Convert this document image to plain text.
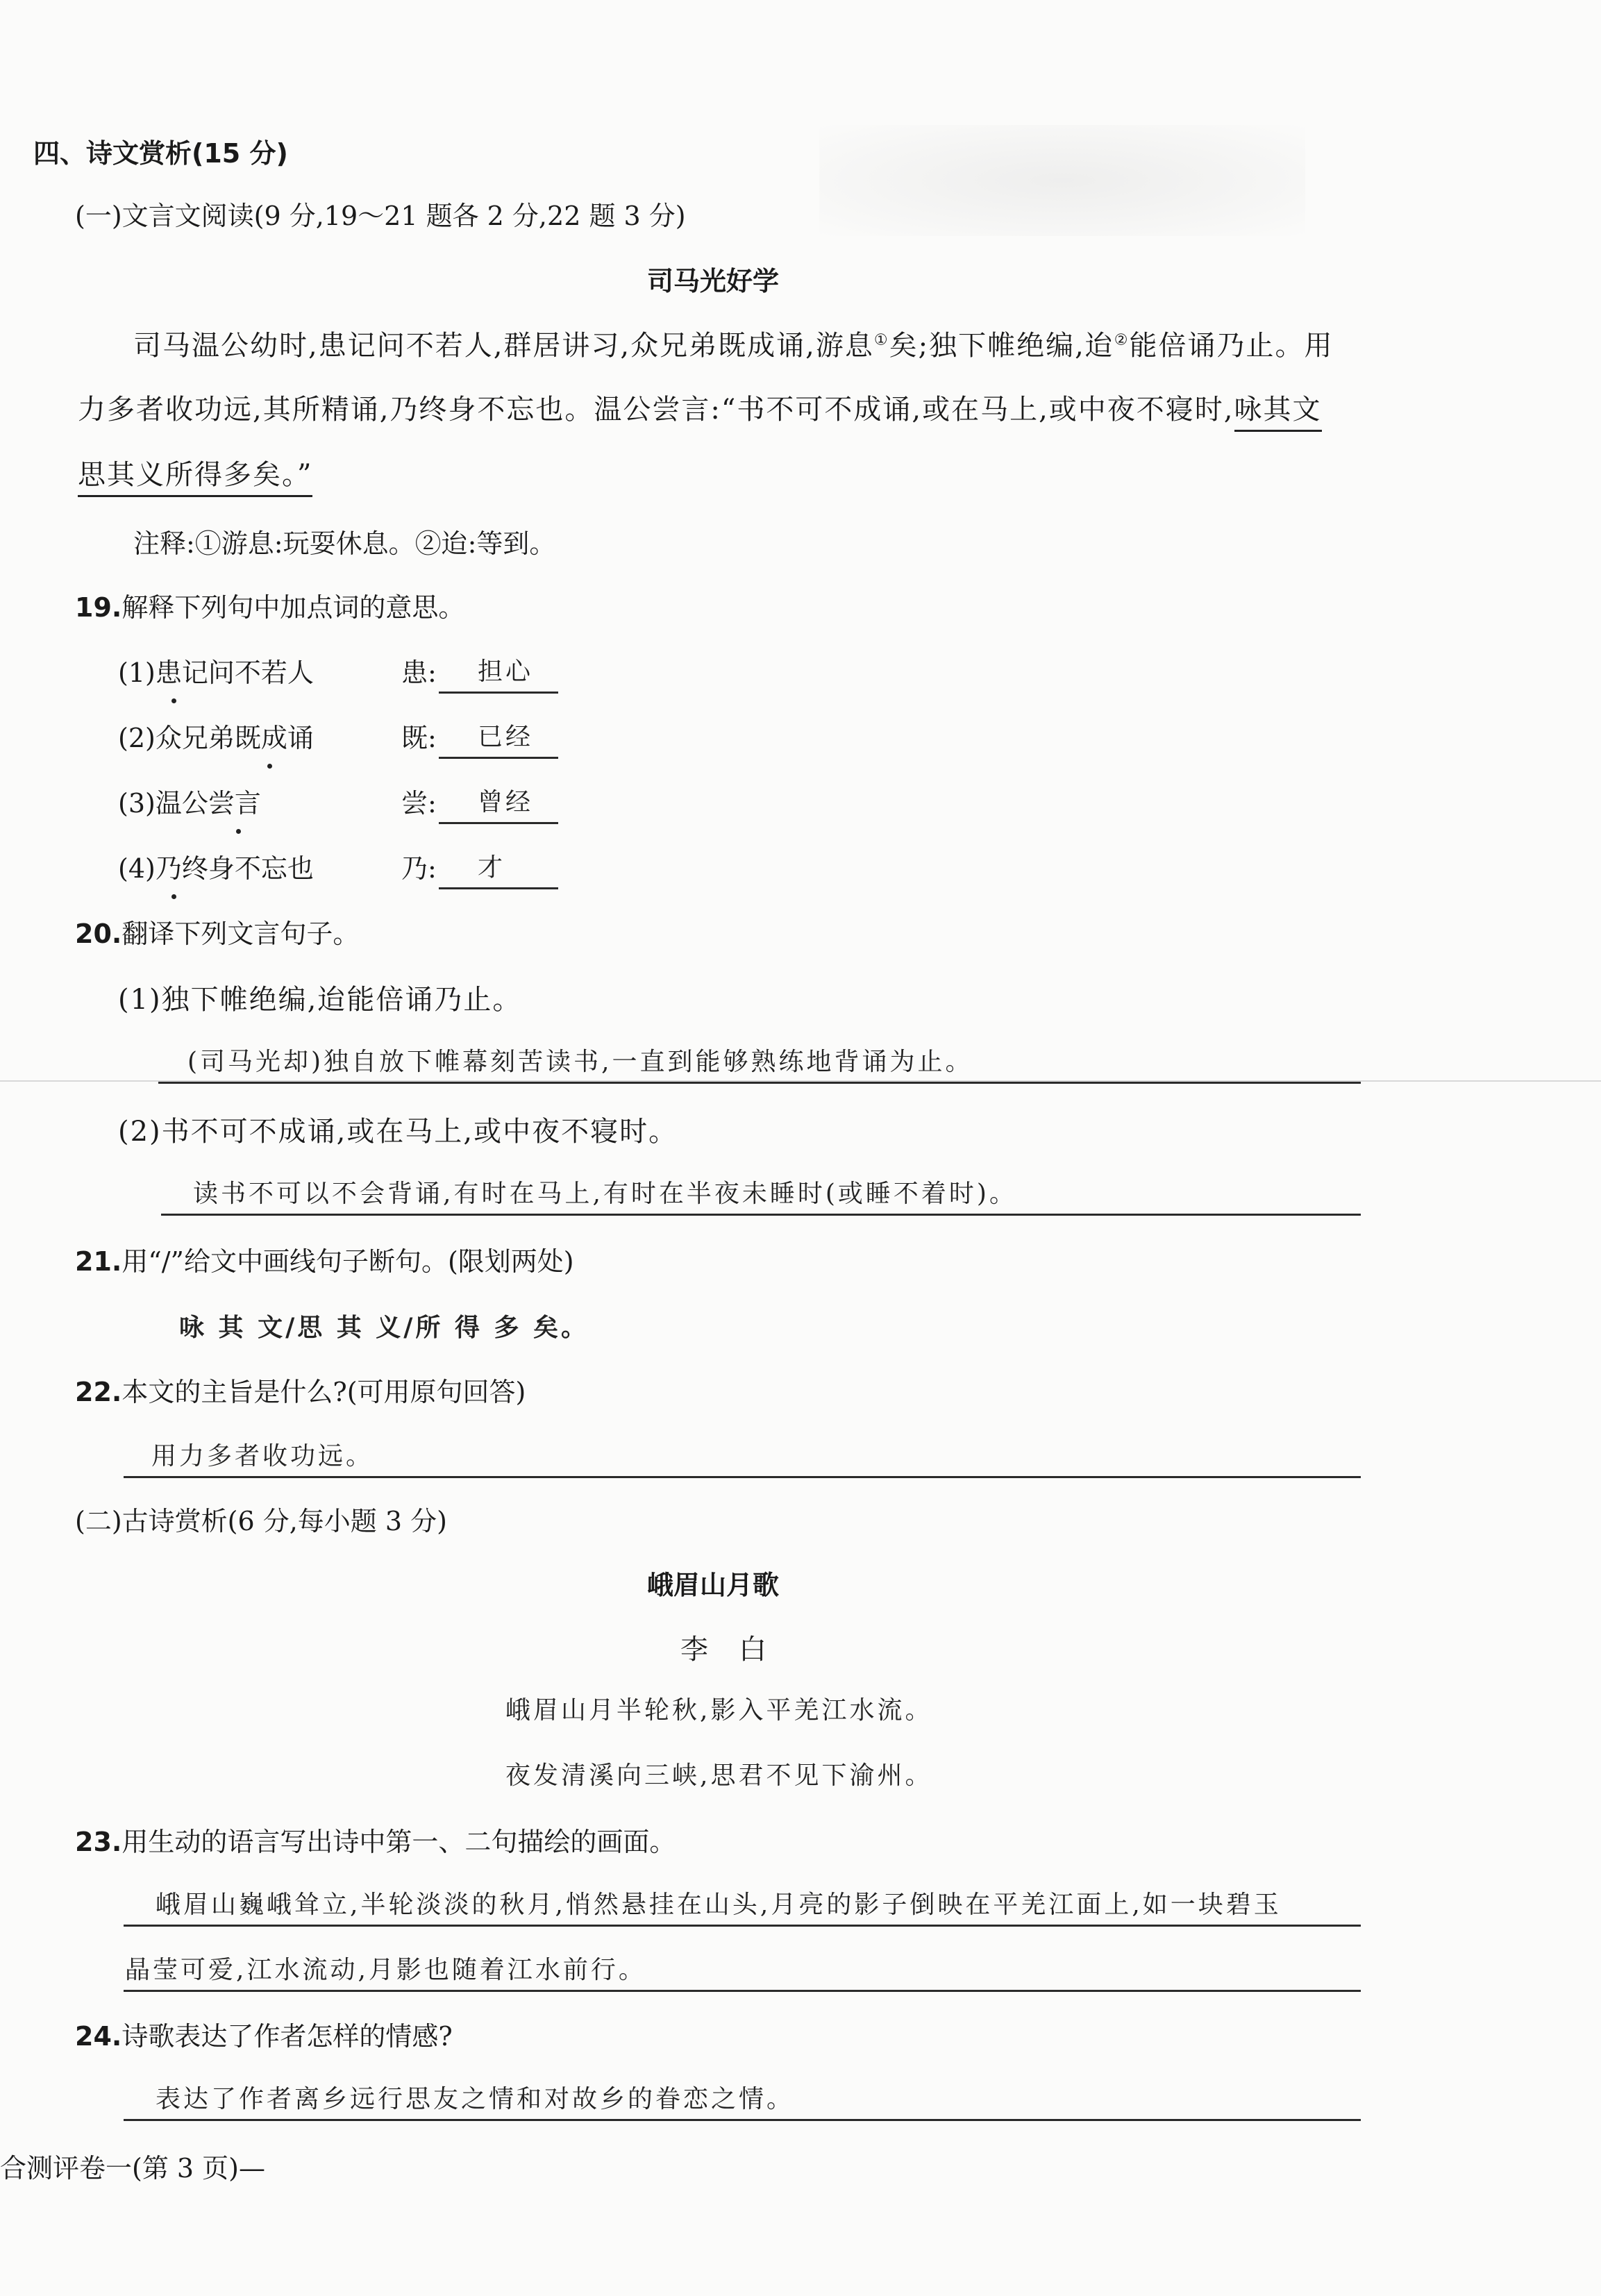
四、诗文赏析(15 分)
(一)文言文阅读(9 分,19～21 题各 2 分,22 题 3 分)
司马光好学
司马温公幼时,患记问不若人,群居讲习,众兄弟既成诵,游息①矣;独下帷绝编,迨②能倍诵乃止。用
力多者收功远,其所精诵,乃终身不忘也。温公尝言:“书不可不成诵,或在马上,或中夜不寝时,咏其文
思其义所得多矣。”
注释:①游息:玩耍休息。②迨:等到。
19.解释下列句中加点词的意思。
(1)患记问不若人	患: 担心
(2)众兄弟既成诵	既: 已经
(3)温公尝言	尝: 曾经
(4)乃终身不忘也	乃: 才
20.翻译下列文言句子。
(1)独下帷绝编,迨能倍诵乃止。
(司马光却)独自放下帷幕刻苦读书,一直到能够熟练地背诵为止。
(2)书不可不成诵,或在马上,或中夜不寝时。
读书不可以不会背诵,有时在马上,有时在半夜未睡时(或睡不着时)。
21.用“/”给文中画线句子断句。(限划两处)
咏 其 文/思 其 义/所 得 多 矣。
22.本文的主旨是什么?(可用原句回答)
用力多者收功远。
(二)古诗赏析(6 分,每小题 3 分)
峨眉山月歌
李　白
峨眉山月半轮秋,影入平羌江水流。
夜发清溪向三峡,思君不见下渝州。
23.用生动的语言写出诗中第一、二句描绘的画面。
峨眉山巍峨耸立,半轮淡淡的秋月,悄然悬挂在山头,月亮的影子倒映在平羌江面上,如一块碧玉
晶莹可爱,江水流动,月影也随着江水前行。
24.诗歌表达了作者怎样的情感?
表达了作者离乡远行思友之情和对故乡的眷恋之情。
合测评卷一(第 3 页)—
